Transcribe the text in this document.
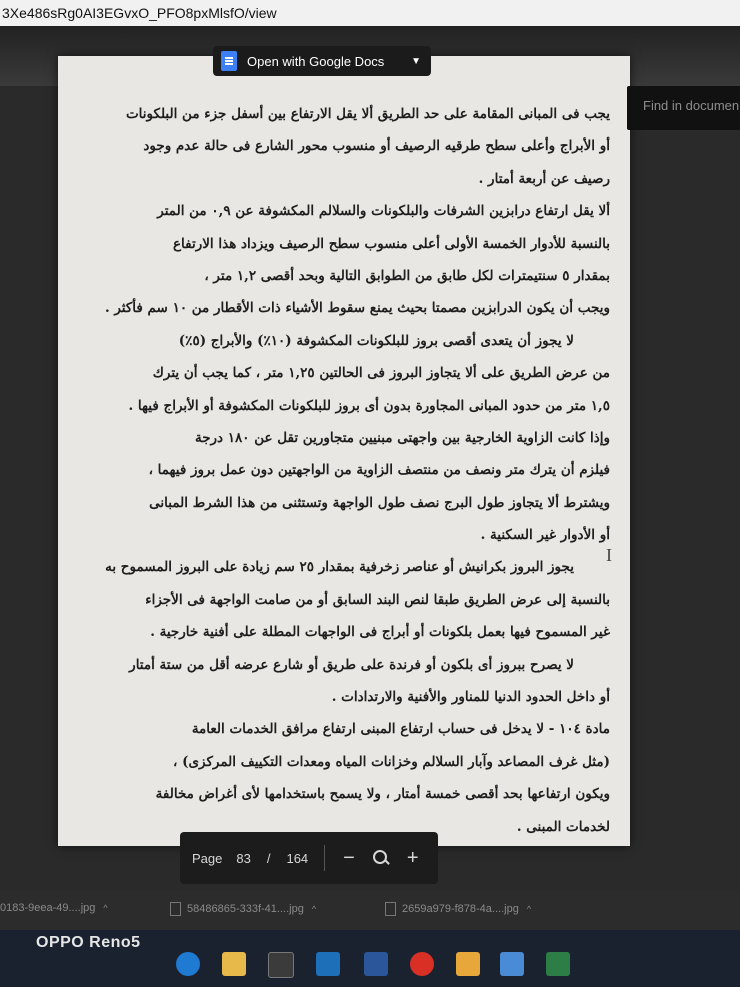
3Xe486sRg0AI3EGvxO_PFO8pxMlsfO/view
يجب فى المبانى المقامة على حد الطريق ألا يقل الارتفاع بين أسفل جزء من البلكونات
أو الأبراج وأعلى سطح طرقيه الرصيف أو منسوب محور الشارع فى حالة عدم وجود
رصيف عن أربعة أمتار .
ألا يقل ارتفاع درابزين الشرفات والبلكونات والسلالم المكشوفة عن ٠,٩ من المتر
بالنسبة للأدوار الخمسة الأولى أعلى منسوب سطح الرصيف ويزداد هذا الارتفاع
بمقدار ٥ سنتيمترات لكل طابق من الطوابق التالية وبحد أقصى ١,٢ متر ،
ويجب أن يكون الدرابزين مصمتا بحيث يمنع سقوط الأشياء ذات الأقطار من ١٠ سم فأكثر .
لا يجوز أن يتعدى أقصى بروز للبلكونات المكشوفة (١٠٪) والأبراج (٥٪)
من عرض الطريق على ألا يتجاوز البروز فى الحالتين ١,٢٥ متر ، كما يجب أن يترك
١,٥ متر من حدود المبانى المجاورة بدون أى بروز للبلكونات المكشوفة أو الأبراج فيها .
وإذا كانت الزاوية الخارجية بين واجهتى مبنيين متجاورين تقل عن ١٨٠ درجة
فيلزم أن يترك متر ونصف من منتصف الزاوية من الواجهتين دون عمل بروز فيهما ،
ويشترط ألا يتجاوز طول البرج نصف طول الواجهة وتستثنى من هذا الشرط المبانى
أو الأدوار غير السكنية .
يجوز البروز بكرانيش أو عناصر زخرفية بمقدار ٢٥ سم زيادة على البروز المسموح به
بالنسبة إلى عرض الطريق طبقا لنص البند السابق أو من صامت الواجهة فى الأجزاء
غير المسموح فيها بعمل بلكونات أو أبراج فى الواجهات المطلة على أفنية خارجية .
لا يصرح ببروز أى بلكون أو فرندة على طريق أو شارع عرضه أقل من ستة أمتار
أو داخل الحدود الدنيا للمناور والأفنية والارتدادات .
مادة ١٠٤ - لا يدخل فى حساب ارتفاع المبنى ارتفاع مرافق الخدمات العامة
(مثل غرف المصاعد وآبار السلالم وخزانات المياه ومعدات التكييف المركزى) ،
ويكون ارتفاعها بحد أقصى خمسة أمتار ، ولا يسمح باستخدامها لأى أغراض مخالفة
لخدمات المبنى .
Open with Google Docs	▼
Find in documen
I
Page 83 / 164 −	+
0183-9eea-49....jpg ^	58486865-333f-41....jpg ^	2659a979-f878-4a....jpg ^
OPPO Reno5
